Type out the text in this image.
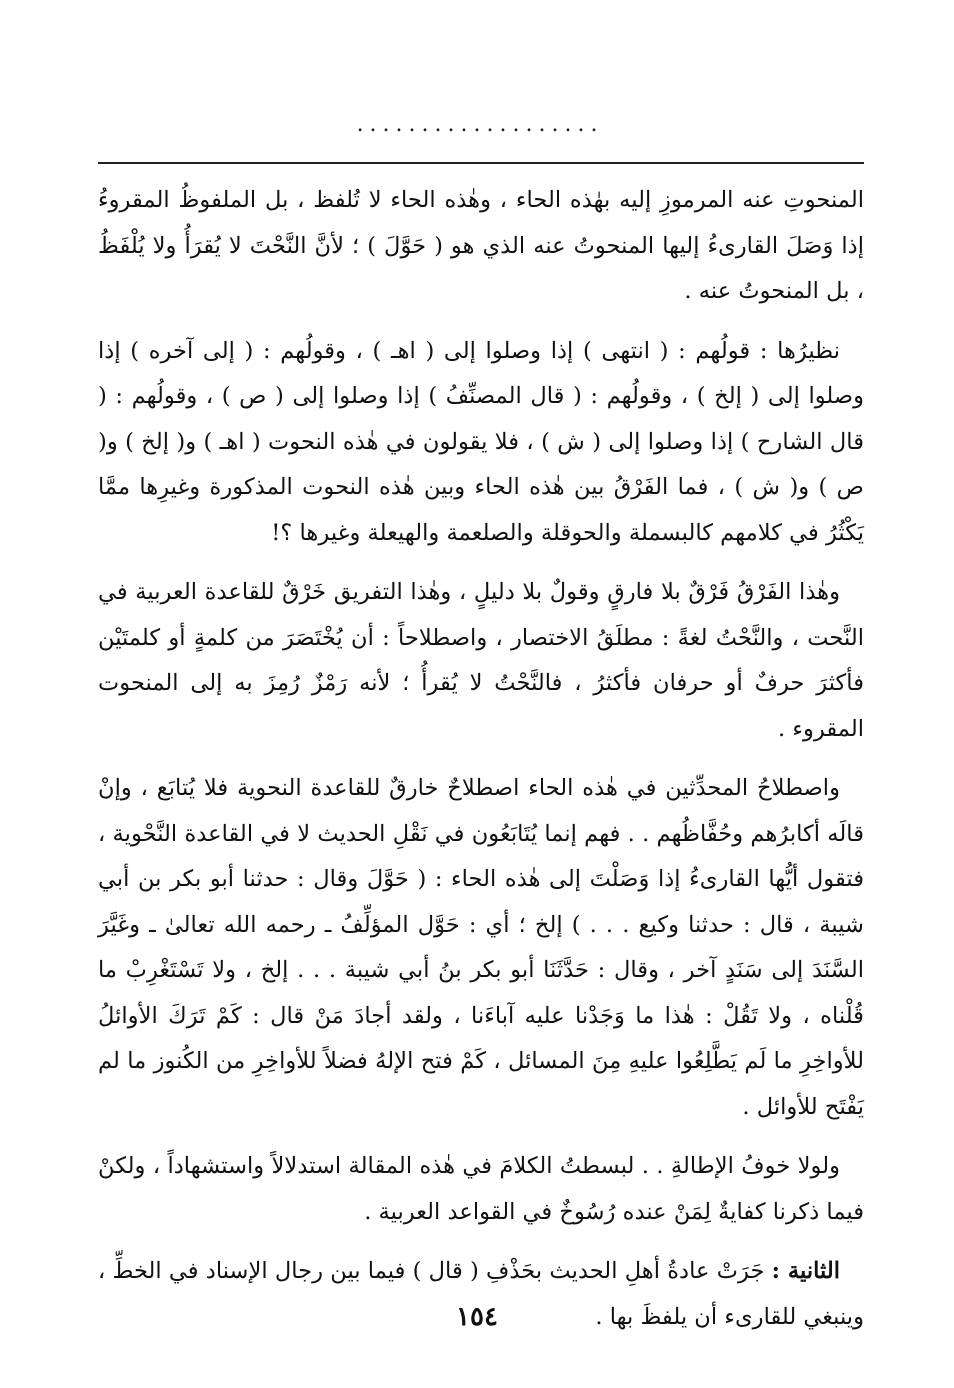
...................

المنحوتِ عنه المرموزِ إليه بهٰذه الحاء ، وهٰذه الحاء لا تُلفظ ، بل الملفوظُ المقروءُ إذا وَصَلَ القارىءُ إليها المنحوتُ عنه الذي هو ( حَوَّلَ ) ؛ لأنَّ النَّحْتَ لا يُقرَأُ ولا يُلْفَظُ ، بل المنحوتُ عنه .

نظيرُها : قولُهم : ( انتهى ) إذا وصلوا إلى ( اهـ ) ، وقولُهم : ( إلى آخره ) إذا وصلوا إلى ( إلخ ) ، وقولُهم : ( قال المصنِّفُ ) إذا وصلوا إلى ( ص ) ، وقولُهم : ( قال الشارح ) إذا وصلوا إلى ( ش ) ، فلا يقولون في هٰذه النحوت ( اهـ ) و( إلخ ) و( ص ) و( ش ) ، فما الفَرْقُ بين هٰذه الحاء وبين هٰذه النحوت المذكورة وغيرِها ممَّا يَكْثُرُ في كلامهم كالبسملة والحوقلة والصلعمة والهيعلة وغيرها ؟!

وهٰذا الفَرْقُ فَرْقٌ بلا فارقٍ وقولٌ بلا دليلٍ ، وهٰذا التفريق خَرْقٌ للقاعدة العربية في النَّحت ، والنَّحْتُ لغةً : مطلَقُ الاختصار ، واصطلاحاً : أن يُخْتَصَرَ من كلمةٍ أو كلمتَيْن فأكثرَ حرفٌ أو حرفان فأكثرُ ، فالنَّحْتُ لا يُقرأُ ؛ لأنه رَمْزٌ رُمِزَ به إلى المنحوت المقروء .

واصطلاحُ المحدِّثين في هٰذه الحاء اصطلاحٌ خارقٌ للقاعدة النحوية فلا يُتابَع ، وإنْ قالَه أكابرُهم وحُفَّاظُهم . . فهم إنما يُتَابَعُون في نَقْلِ الحديث لا في القاعدة النَّحْوية ، فتقول أيُّها القارىءُ إذا وَصَلْتَ إلى هٰذه الحاء : ( حَوَّلَ وقال : حدثنا أبو بكر بن أبي شيبة ، قال : حدثنا وكيع . . . ) إلخ ؛ أي : حَوَّل المؤلِّفُ ـ رحمه الله تعالىٰ ـ وغَيَّرَ السَّنَدَ إلى سَنَدٍ آخر ، وقال : حَدَّثَنَا أبو بكر بنُ أبي شيبة . . . إلخ ، ولا تَسْتَغْرِبْ ما قُلْناه ، ولا تَقُلْ : هٰذا ما وَجَدْنا عليه آباءَنا ، ولقد أجادَ مَنْ قال : كَمْ تَرَكَ الأوائلُ للأواخِرِ ما لَم يَطَّلِعُوا عليهِ مِنَ المسائل ، كَمْ فتح الإلهُ فضلاً للأواخِرِ من الكُنوز ما لم يَفْتَح للأوائل .

ولولا خوفُ الإطالةِ . . لبسطتُ الكلامَ في هٰذه المقالة استدلالاً واستشهاداً ، ولكنْ فيما ذكرنا كفايةٌ لِمَنْ عنده رُسُوخٌ في القواعد العربية .

الثانية : جَرَتْ عادةُ أهلِ الحديث بحَذْفِ ( قال ) فيما بين رجال الإسناد في الخطِّ ، وينبغي للقارىء أن يلفظَ بها .

١٥٤
